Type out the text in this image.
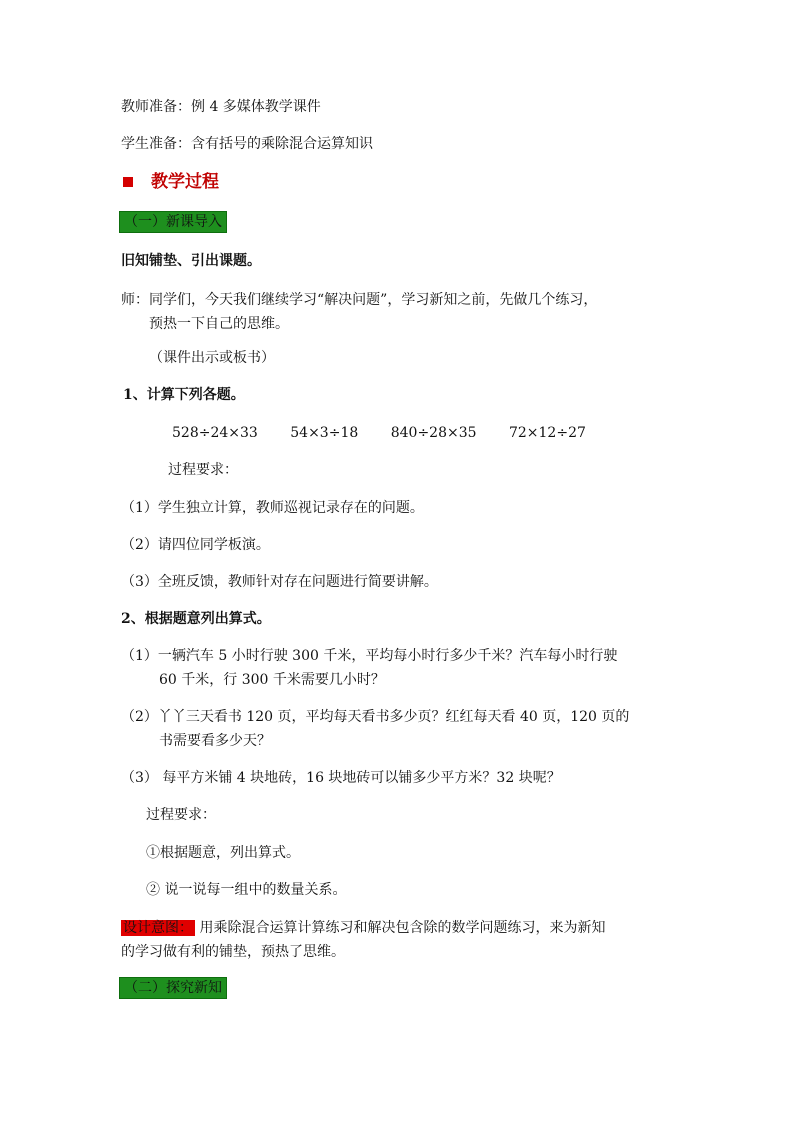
教师准备：例 4 多媒体教学课件
学生准备：含有括号的乘除混合运算知识
教学过程
（一）新课导入
旧知铺垫、引出课题。
师：同学们，今天我们继续学习“解决问题”，学习新知之前，先做几个练习，
预热一下自己的思维。
（课件出示或板书）
1、计算下列各题。
528÷24×33 54×3÷18 840÷28×35 72×12÷27
过程要求：
（1）学生独立计算，教师巡视记录存在的问题。
（2）请四位同学板演。
（3）全班反馈，教师针对存在问题进行简要讲解。
2、根据题意列出算式。
（1）一辆汽车 5 小时行驶 300 千米，平均每小时行多少千米？汽车每小时行驶
60 千米，行 300 千米需要几小时？
（2）丫丫三天看书 120 页，平均每天看书多少页？红红每天看 40 页，120 页的
书需要看多少天？
（3） 每平方米铺 4 块地砖，16 块地砖可以铺多少平方米？32 块呢？
过程要求：
①根据题意，列出算式。
② 说一说每一组中的数量关系。
设计意图： 用乘除混合运算计算练习和解决包含除的数学问题练习，来为新知
的学习做有利的铺垫，预热了思维。
（二）探究新知
